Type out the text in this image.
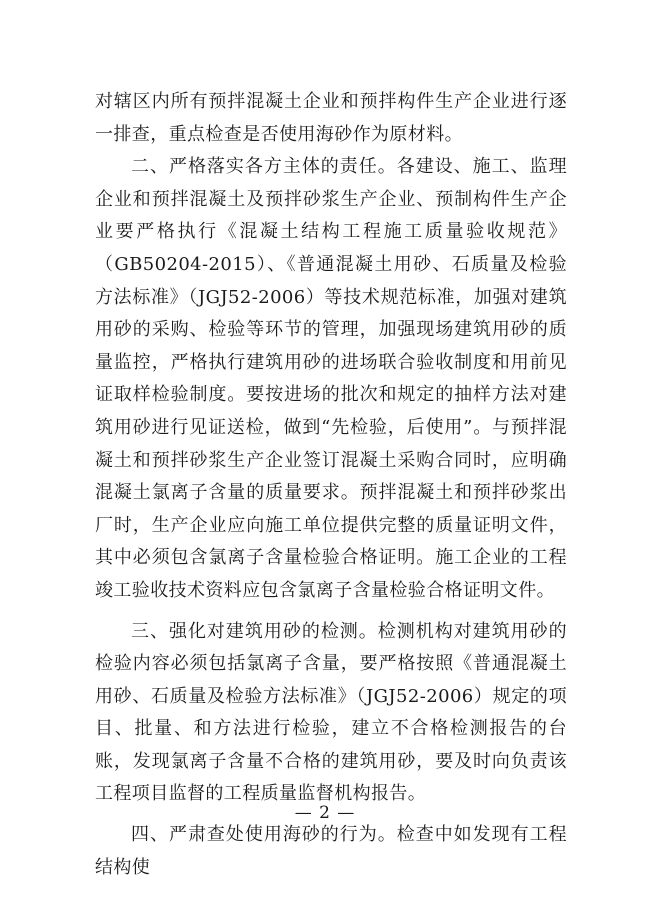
对辖区内所有预拌混凝土企业和预拌构件生产企业进行逐一排查，重点检查是否使用海砂作为原材料。

二、严格落实各方主体的责任。各建设、施工、监理企业和预拌混凝土及预拌砂浆生产企业、预制构件生产企业要严格执行《混凝土结构工程施工质量验收规范》（GB50204-2015）、《普通混凝土用砂、石质量及检验方法标准》（JGJ52-2006）等技术规范标准，加强对建筑用砂的采购、检验等环节的管理，加强现场建筑用砂的质量监控，严格执行建筑用砂的进场联合验收制度和用前见证取样检验制度。要按进场的批次和规定的抽样方法对建筑用砂进行见证送检，做到“先检验，后使用”。与预拌混凝土和预拌砂浆生产企业签订混凝土采购合同时，应明确混凝土氯离子含量的质量要求。预拌混凝土和预拌砂浆出厂时，生产企业应向施工单位提供完整的质量证明文件，其中必须包含氯离子含量检验合格证明。施工企业的工程竣工验收技术资料应包含氯离子含量检验合格证明文件。

三、强化对建筑用砂的检测。检测机构对建筑用砂的检验内容必须包括氯离子含量，要严格按照《普通混凝土用砂、石质量及检验方法标准》（JGJ52-2006）规定的项目、批量、和方法进行检验，建立不合格检测报告的台账，发现氯离子含量不合格的建筑用砂，要及时向负责该工程项目监督的工程质量监督机构报告。

四、严肃查处使用海砂的行为。检查中如发现有工程结构使

— 2 —
